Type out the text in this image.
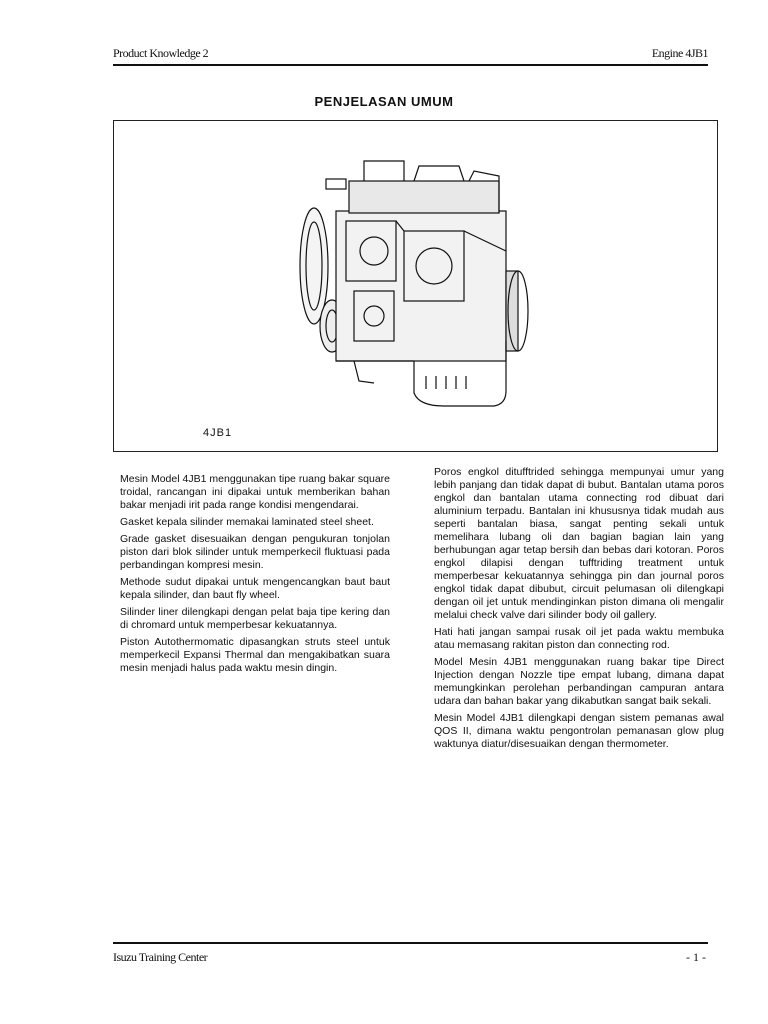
Product Knowledge 2	Engine 4JB1
PENJELASAN UMUM
4JB1

Mesin Model 4JB1 menggunakan tipe ruang bakar square troidal, rancangan ini dipakai untuk memberikan bahan bakar menjadi irit pada range kondisi mengendarai.

Gasket kepala silinder memakai laminated steel sheet.

Grade gasket disesuaikan dengan pengukuran tonjolan piston dari blok silinder untuk memperkecil fluktuasi pada perbandingan kompresi mesin.

Methode sudut dipakai untuk mengencangkan baut baut kepala silinder, dan baut fly wheel.

Silinder liner dilengkapi dengan pelat baja tipe kering dan di chromard untuk memperbesar kekuatannya.

Piston Autothermomatic dipasangkan struts steel untuk memperkecil Expansi Thermal dan mengakibatkan suara mesin menjadi halus pada waktu mesin dingin.

Poros engkol ditufftrided sehingga mempunyai umur yang lebih panjang dan tidak dapat di bubut. Bantalan utama poros engkol dan bantalan utama connecting rod dibuat dari aluminium terpadu. Bantalan ini khususnya tidak mudah aus seperti bantalan biasa, sangat penting sekali untuk memelihara lubang oli dan bagian bagian lain yang berhubungan agar tetap bersih dan bebas dari kotoran. Poros engkol dilapisi dengan tufftriding treatment untuk memperbesar kekuatannya sehingga pin dan journal poros engkol tidak dapat dibubut, circuit pelumasan oli dilengkapi dengan oil jet untuk mendinginkan piston dimana oli mengalir melalui check valve dari silinder body oil gallery.

Hati hati jangan sampai rusak oil jet pada waktu membuka atau memasang rakitan piston dan connecting rod.

Model Mesin 4JB1 menggunakan ruang bakar tipe Direct Injection dengan Nozzle tipe empat lubang, dimana dapat memungkinkan perolehan perbandingan campuran antara udara dan bahan bakar yang dikabutkan sangat baik sekali.

Mesin Model 4JB1 dilengkapi dengan sistem pemanas awal QOS II, dimana waktu pengontrolan pemanasan glow plug waktunya diatur/disesuaikan dengan thermometer.

Isuzu Training Center	- 1 -
